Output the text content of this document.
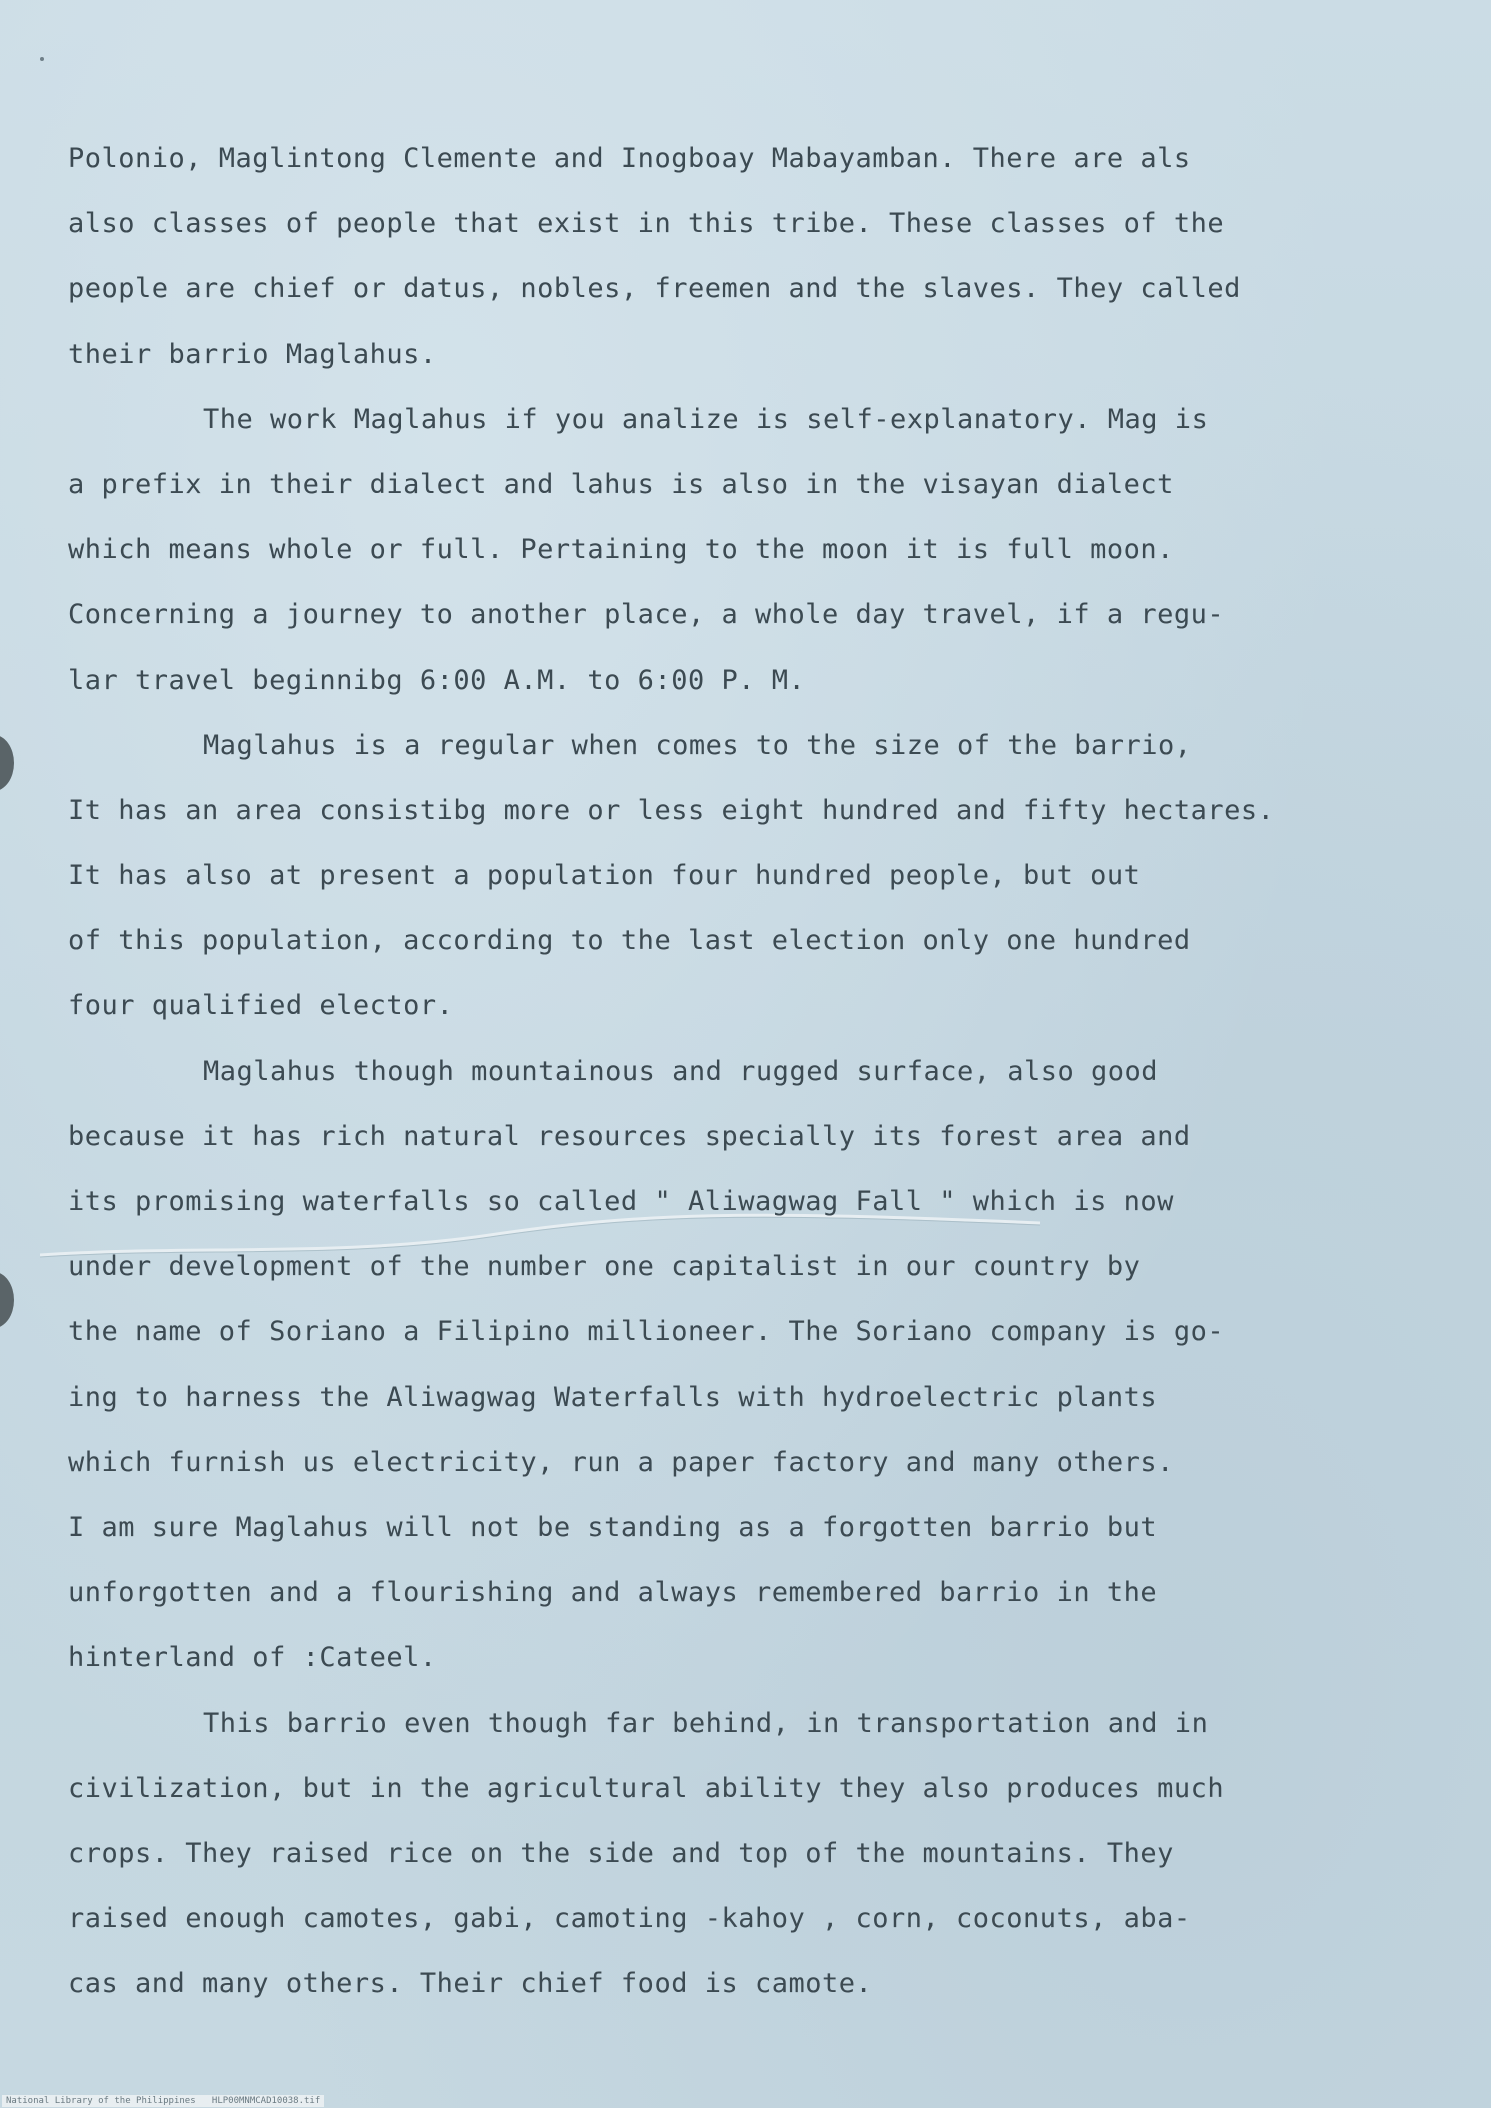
Polonio, Maglintong Clemente and Inogboay Mabayamban. There are als
also classes of people that exist in this tribe. These classes of the
people are chief or datus, nobles, freemen and the slaves. They called
their barrio Maglahus.
The work Maglahus if you analize is self-explanatory. Mag is
a prefix in their dialect and lahus is also in the visayan dialect
which means whole or full. Pertaining to the moon it is full moon.
Concerning a journey to another place, a whole day travel, if a regu-
lar travel beginnibg 6:00 A.M. to 6:00 P. M.
Maglahus is a regular when comes to the size of the barrio,
It has an area consistibg more or less eight hundred and fifty hectares.
It has also at present a population four hundred people, but out
of this population, according to the last election only one hundred
four qualified elector.
Maglahus though mountainous and rugged surface, also good
because it has rich natural resources specially its forest area and
its promising waterfalls so called " Aliwagwag Fall " which is now
under development of the number one capitalist in our country by
the name of Soriano a Filipino millioneer. The Soriano company is go-
ing to harness the Aliwagwag Waterfalls with hydroelectric plants
which furnish us electricity, run a paper factory and many others.
I am sure Maglahus will not be standing as a forgotten barrio but
unforgotten and a flourishing and always remembered barrio in the
hinterland of :Cateel.
This barrio even though far behind, in transportation and in
civilization, but in the agricultural ability they also produces much
crops. They raised rice on the side and top of the mountains. They
raised enough camotes, gabi, camoting -kahoy , corn, coconuts, aba-
cas and many others. Their chief food is camote.
National Library of the Philippines   HLP00MNMCAD10038.tif
